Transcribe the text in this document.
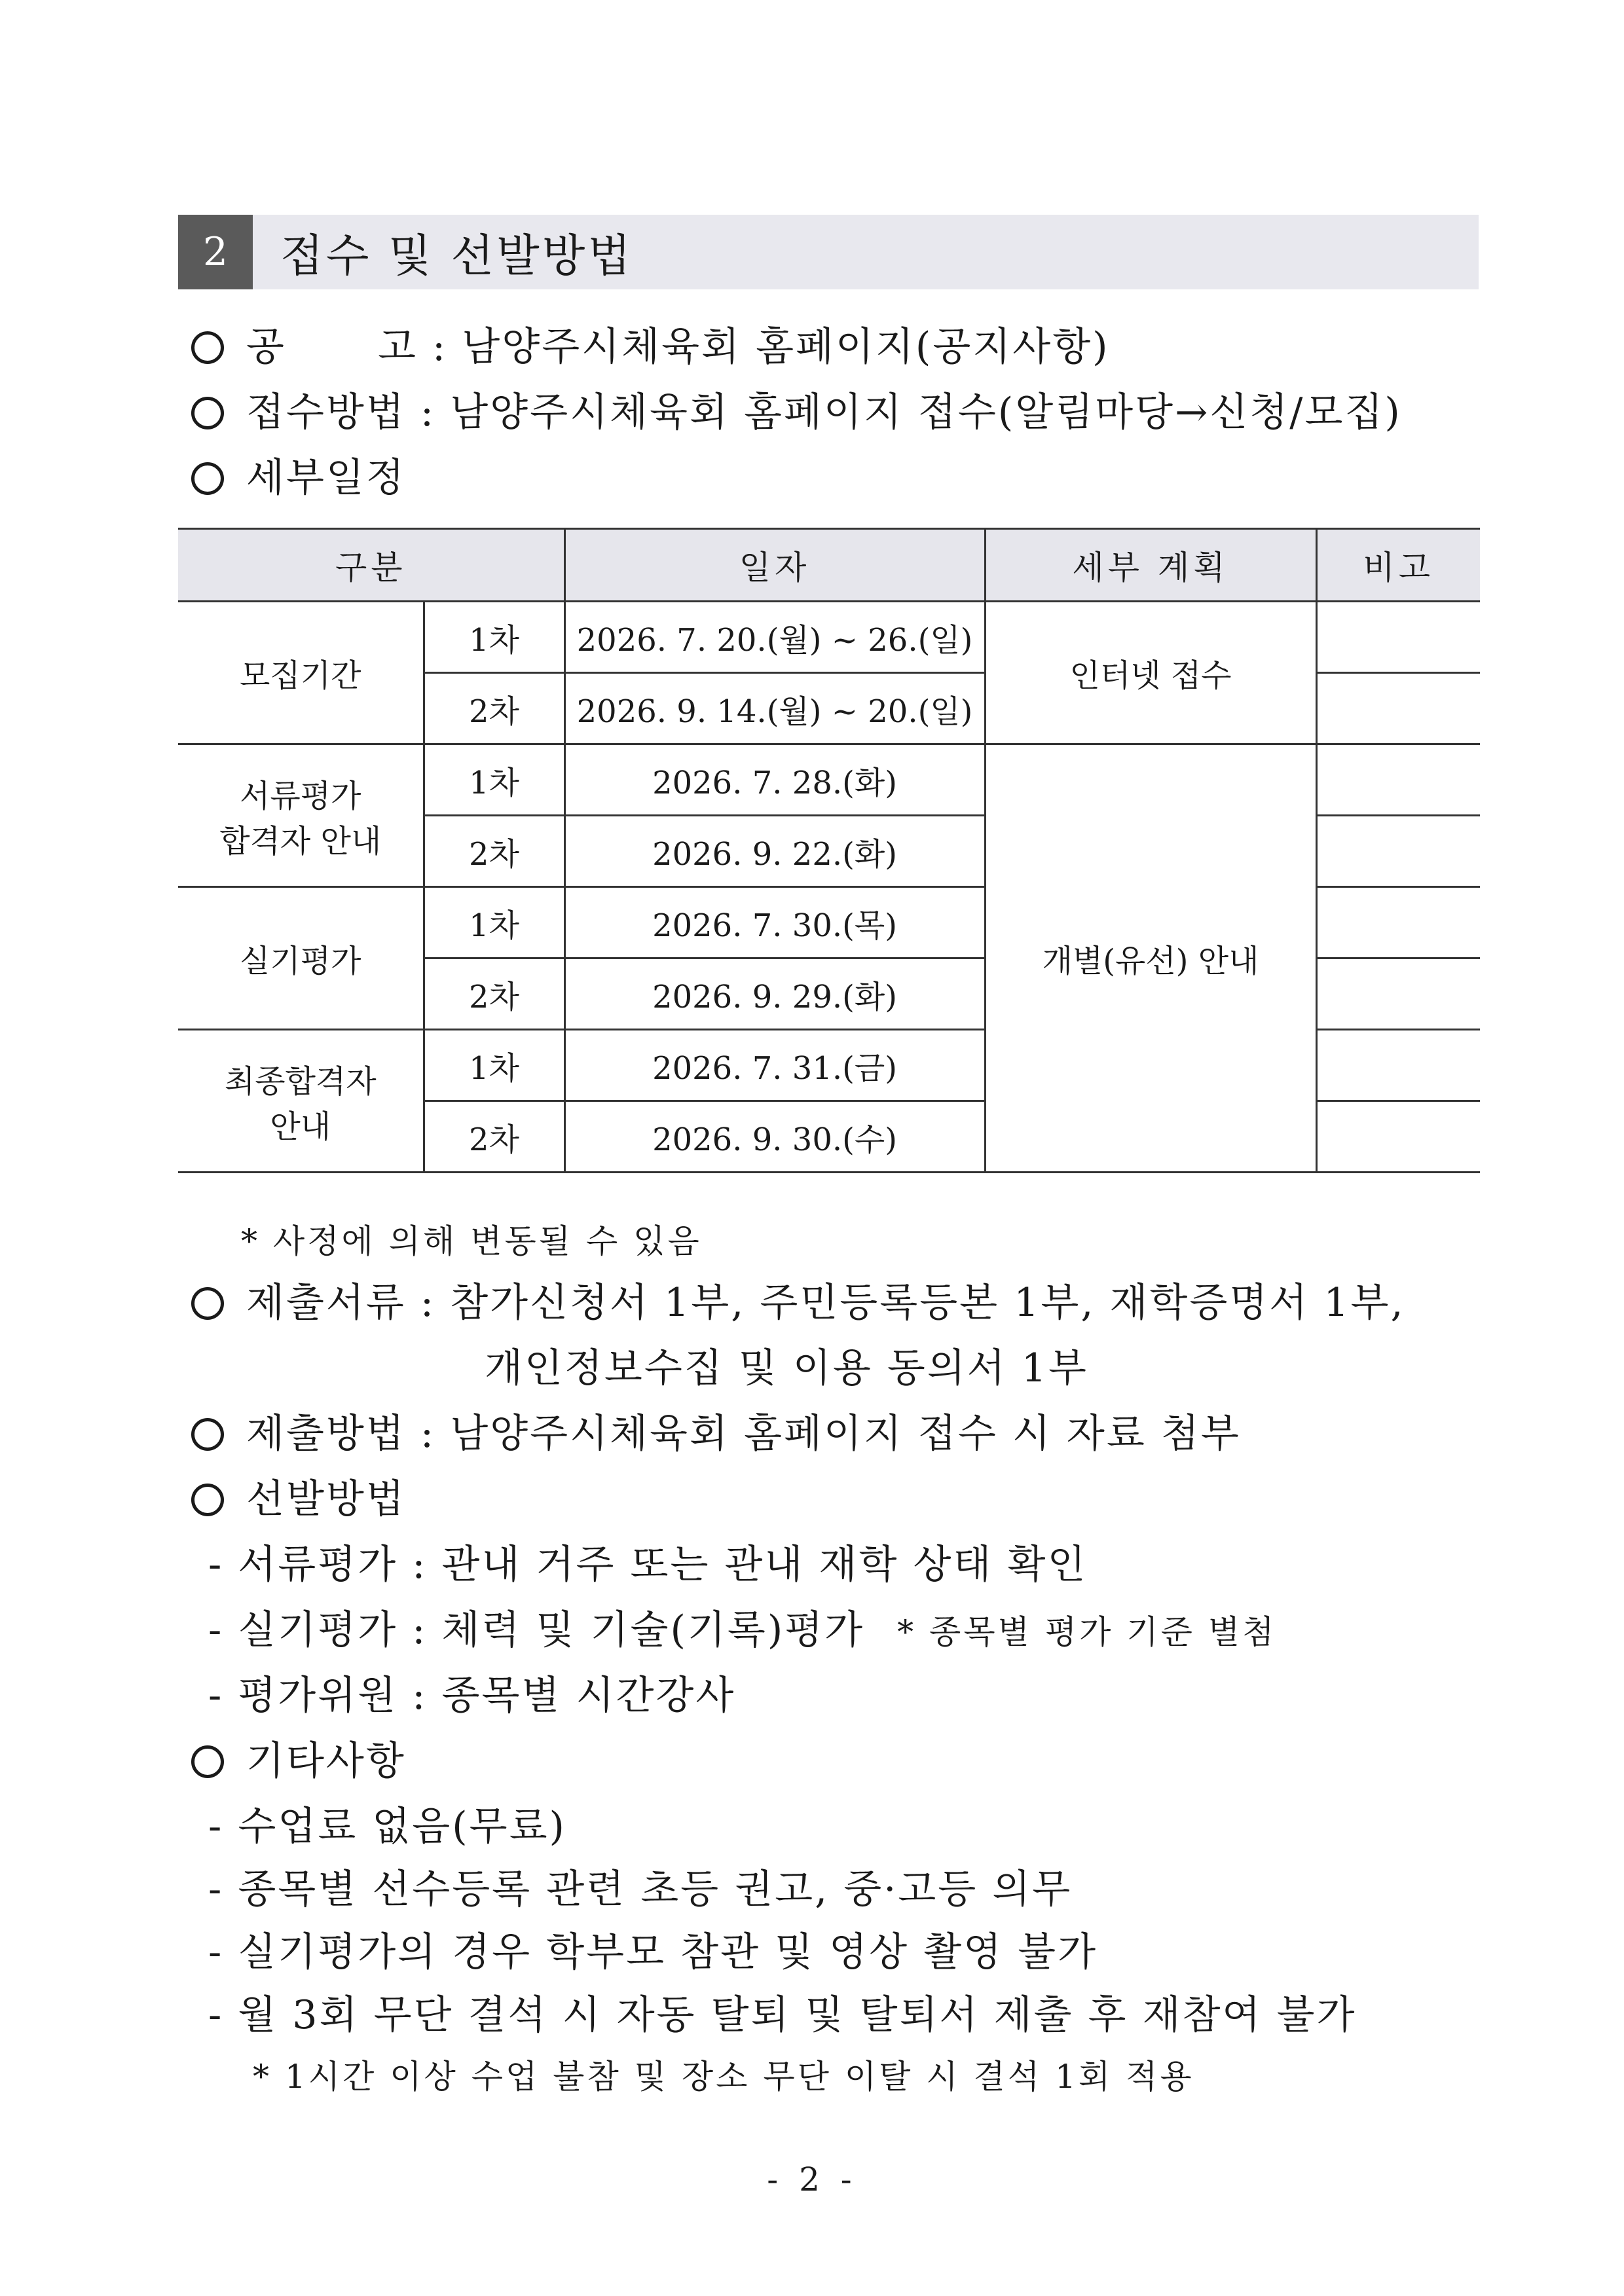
2	접수 및 선발방법
공 고 : 남양주시체육회 홈페이지(공지사항)
접수방법 : 남양주시체육회 홈페이지 접수(알림마당→신청/모집)
세부일정
구분		일자	세부 계획	비고
모집기간	1차	2026. 7. 20.(월) ~ 26.(일)	인터넷 접수	
	2차	2026. 9. 14.(월) ~ 20.(일)		

서류평가
합격자 안내	1차	2026. 7. 28.(화)	개별(유선) 안내	
	2차	2026. 9. 22.(화)		
실기평가	1차	2026. 7. 30.(목)		
	2차	2026. 9. 29.(화)		

최종합격자
안내	1차	2026. 7. 31.(금)		
	2차	2026. 9. 30.(수)		
* 사정에 의해 변동될 수 있음
제출서류 : 참가신청서 1부, 주민등록등본 1부, 재학증명서 1부,
개인정보수집 및 이용 동의서 1부
제출방법 : 남양주시체육회 홈페이지 접수 시 자료 첨부
선발방법
- 서류평가 : 관내 거주 또는 관내 재학 상태 확인
- 실기평가 : 체력 및 기술(기록)평가 * 종목별 평가 기준 별첨
- 평가위원 : 종목별 시간강사
기타사항
- 수업료 없음(무료)
- 종목별 선수등록 관련 초등 권고, 중·고등 의무
- 실기평가의 경우 학부모 참관 및 영상 촬영 불가
- 월 3회 무단 결석 시 자동 탈퇴 및 탈퇴서 제출 후 재참여 불가
* 1시간 이상 수업 불참 및 장소 무단 이탈 시 결석 1회 적용
- 2 -
